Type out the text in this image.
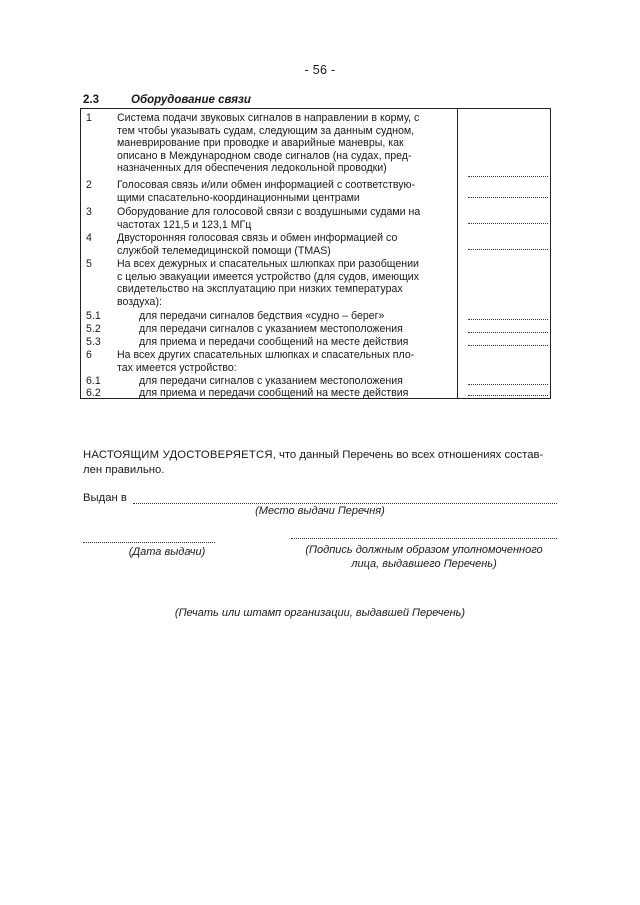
- 56 -
2.3	Оборудование связи
1 Система подачи звуковых сигналов в направлении в корму, с
тем чтобы указывать судам, следующим за данным судном,
маневрирование при проводке и аварийные маневры, как
описано в Международном своде сигналов (на судах, пред-
назначенных для обеспечения ледокольной проводки)
2 Голосовая связь и/или обмен информацией с соответствую-
щими спасательно-координационными центрами
3 Оборудование для голосовой связи с воздушными судами на
частотах 121,5 и 123,1 МГц
4 Двусторонняя голосовая связь и обмен информацией со
службой телемедицинской помощи (TMAS)
5 На всех дежурных и спасательных шлюпках при разобщении
с целью эвакуации имеется устройство (для судов, имеющих
свидетельство на эксплуатацию при низких температурах
воздуха):
5.1	для передачи сигналов бедствия «судно – берег»
5.2	для передачи сигналов с указанием местоположения
5.3	для приема и передачи сообщений на месте действия
6 На всех других спасательных шлюпках и спасательных пло-
тах имеется устройство:
6.1	для передачи сигналов с указанием местоположения
6.2	для приема и передачи сообщений на месте действия
НАСТОЯЩИМ УДОСТОВЕРЯЕТСЯ, что данный Перечень во всех отношениях состав-
лен правильно.
Выдан в
(Место выдачи Перечня)
(Дата выдачи)	(Подпись должным образом уполномоченного
лица, выдавшего Перечень)
(Печать или штамп организации, выдавшей Перечень)
